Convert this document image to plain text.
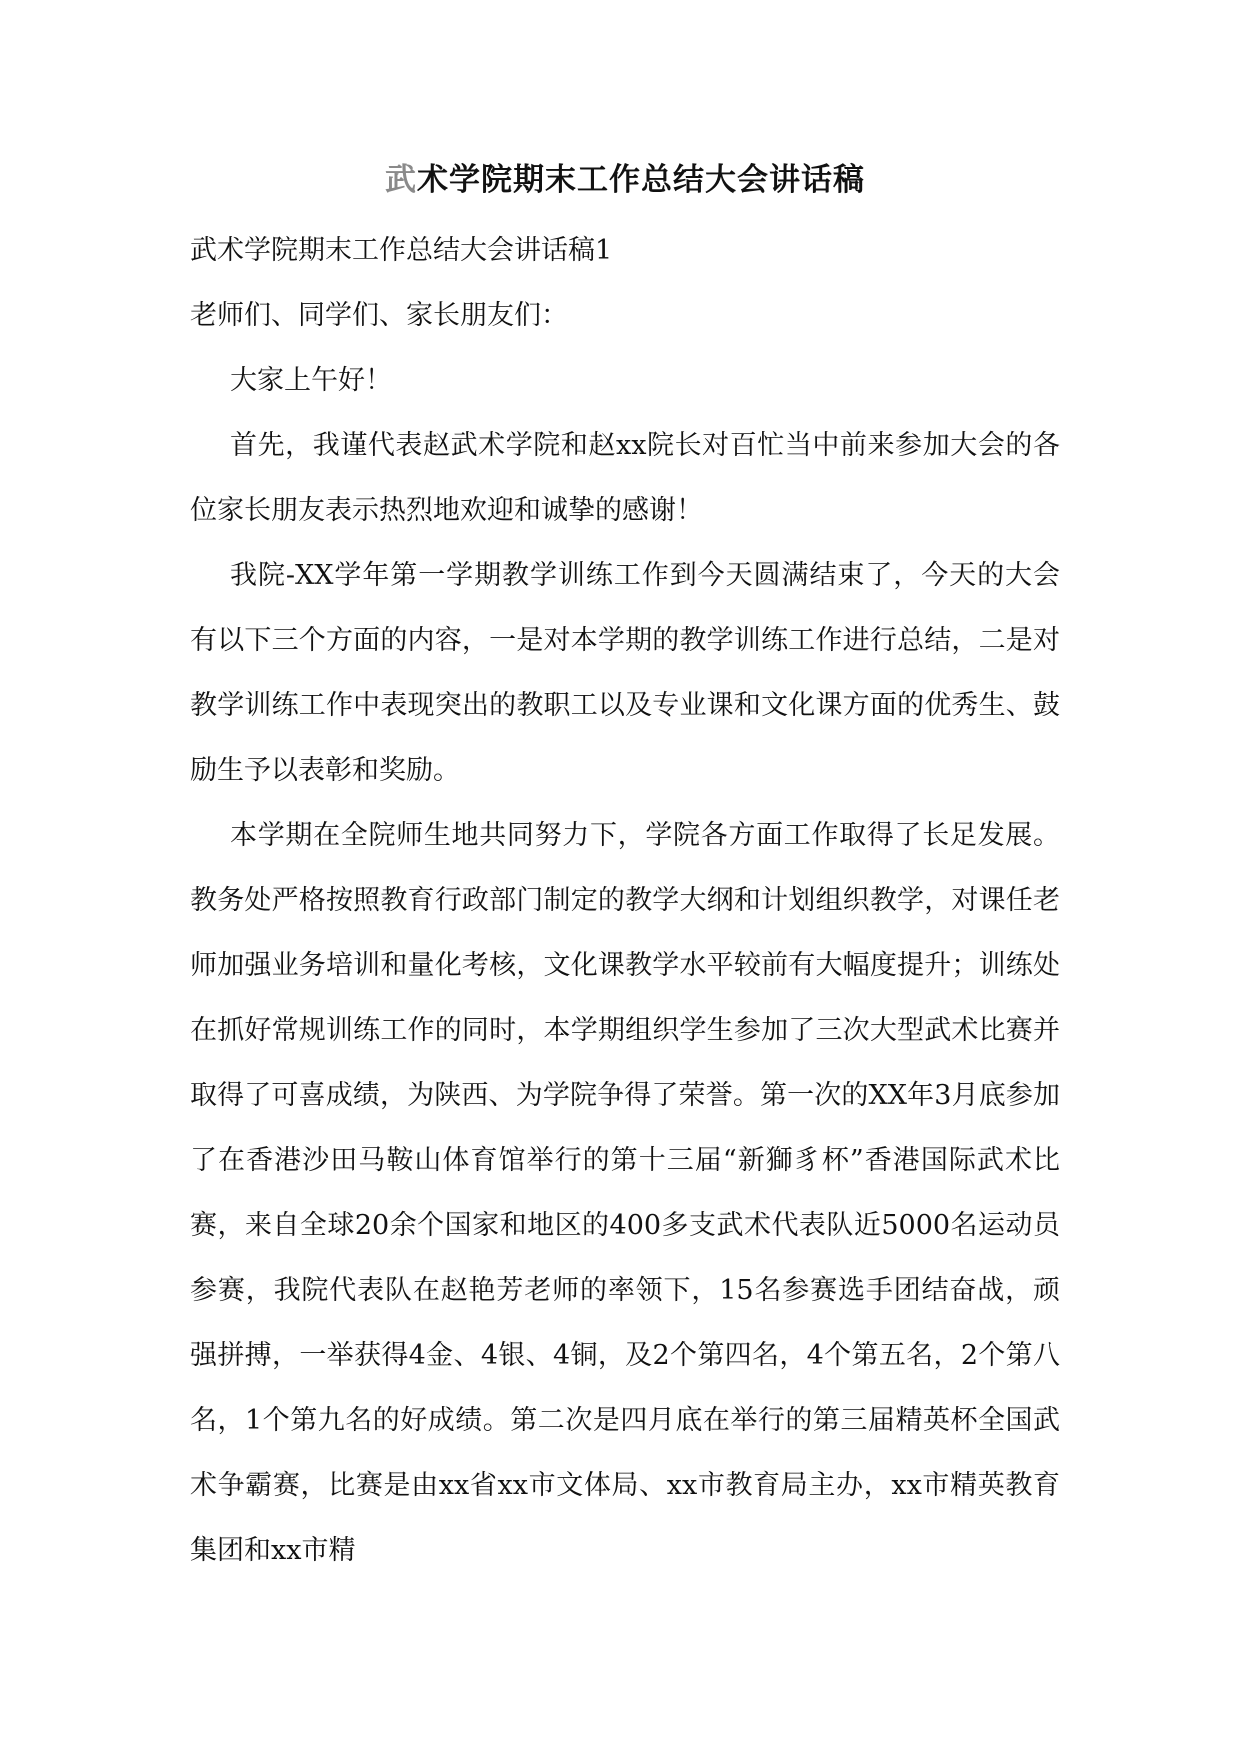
武术学院期末工作总结大会讲话稿

武术学院期末工作总结大会讲话稿1

老师们、同学们、家长朋友们：

大家上午好！

首先，我谨代表赵武术学院和赵xx院长对百忙当中前来参加大会的各位家长朋友表示热烈地欢迎和诚挚的感谢！

我院-XX学年第一学期教学训练工作到今天圆满结束了，今天的大会有以下三个方面的内容，一是对本学期的教学训练工作进行总结，二是对教学训练工作中表现突出的教职工以及专业课和文化课方面的优秀生、鼓励生予以表彰和奖励。

本学期在全院师生地共同努力下，学院各方面工作取得了长足发展。教务处严格按照教育行政部门制定的教学大纲和计划组织教学，对课任老师加强业务培训和量化考核，文化课教学水平较前有大幅度提升；训练处在抓好常规训练工作的同时，本学期组织学生参加了三次大型武术比赛并取得了可喜成绩，为陕西、为学院争得了荣誉。第一次的XX年3月底参加了在香港沙田马鞍山体育馆举行的第十三届“新獅豸杯”香港国际武术比赛，来自全球20余个国家和地区的400多支武术代表队近5000名运动员参赛，我院代表队在赵艳芳老师的率领下，15名参赛选手团结奋战，顽强拼搏，一举获得4金、4银、4铜，及2个第四名，4个第五名，2个第八名，1个第九名的好成绩。第二次是四月底在举行的第三届精英杯全国武术争霸赛，比赛是由xx省xx市文体局、xx市教育局主办，xx市精英教育集团和xx市精
